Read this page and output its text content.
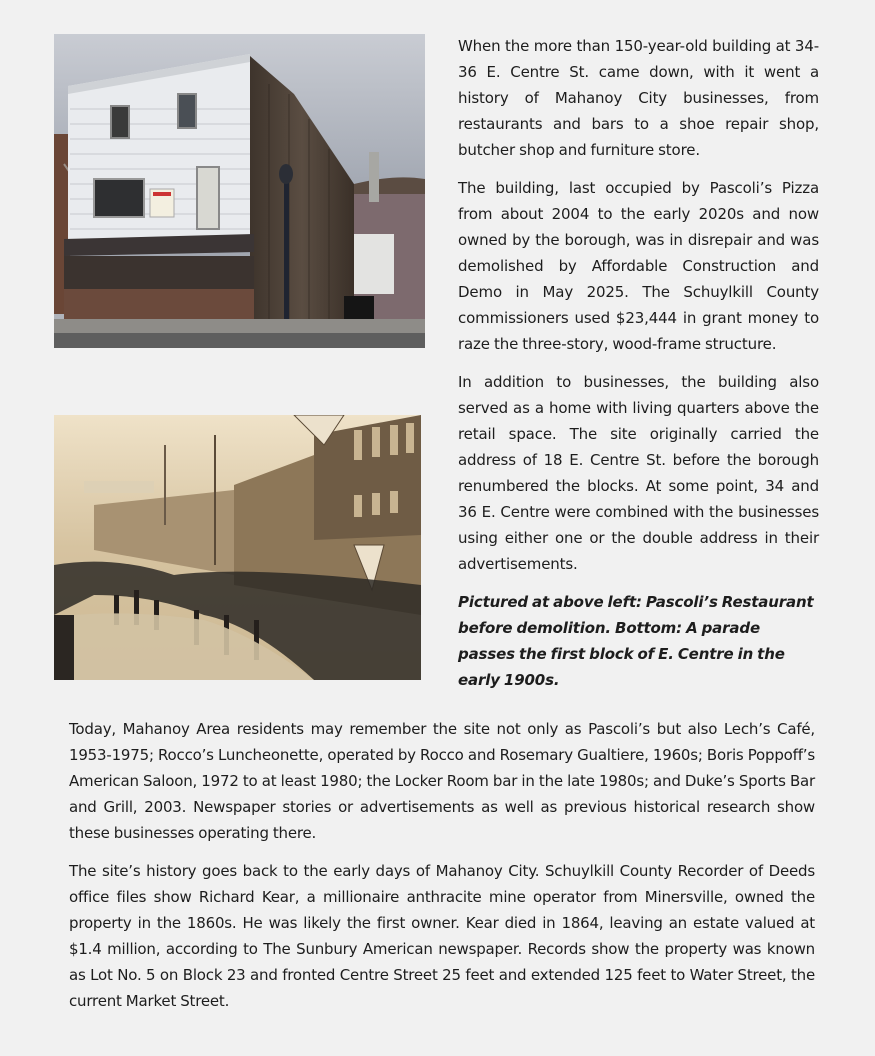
When the more than 150-year-old building at 34-36 E. Centre St. came down, with it went a history of Mahanoy City businesses, from restaurants and bars to a shoe repair shop, butcher shop and furniture store.

The building, last occupied by Pascoli’s Pizza from about 2004 to the early 2020s and now owned by the borough, was in disrepair and was demolished by Affordable Construction and Demo in May 2025. The Schuylkill County commissioners used $23,444 in grant money to raze the three-story, wood-frame structure.

In addition to businesses, the building also served as a home with living quarters above the retail space. The site originally carried the address of 18 E. Centre St. before the borough renumbered the blocks. At some point, 34 and 36 E. Centre were combined with the businesses using either one or the double address in their advertisements.

Pictured at above left: Pascoli’s Restaurant before demolition. Bottom: A parade passes the first block of E. Centre in the early 1900s.

Today, Mahanoy Area residents may remember the site not only as Pascoli’s but also Lech’s Café, 1953-1975; Rocco’s Luncheonette, operated by Rocco and Rosemary Gualtiere, 1960s; Boris Poppoff’s American Saloon, 1972 to at least 1980; the Locker Room bar in the late 1980s; and Duke’s Sports Bar and Grill, 2003. Newspaper stories or advertisements as well as previous historical research show these businesses operating there.

The site’s history goes back to the early days of Mahanoy City. Schuylkill County Recorder of Deeds office files show Richard Kear, a millionaire anthracite mine operator from Minersville, owned the property in the 1860s. He was likely the first owner. Kear died in 1864, leaving an estate valued at $1.4 million, according to The Sunbury American newspaper. Records show the property was known as Lot No. 5 on Block 23 and fronted Centre Street 25 feet and extended 125 feet to Water Street, the current Market Street.
